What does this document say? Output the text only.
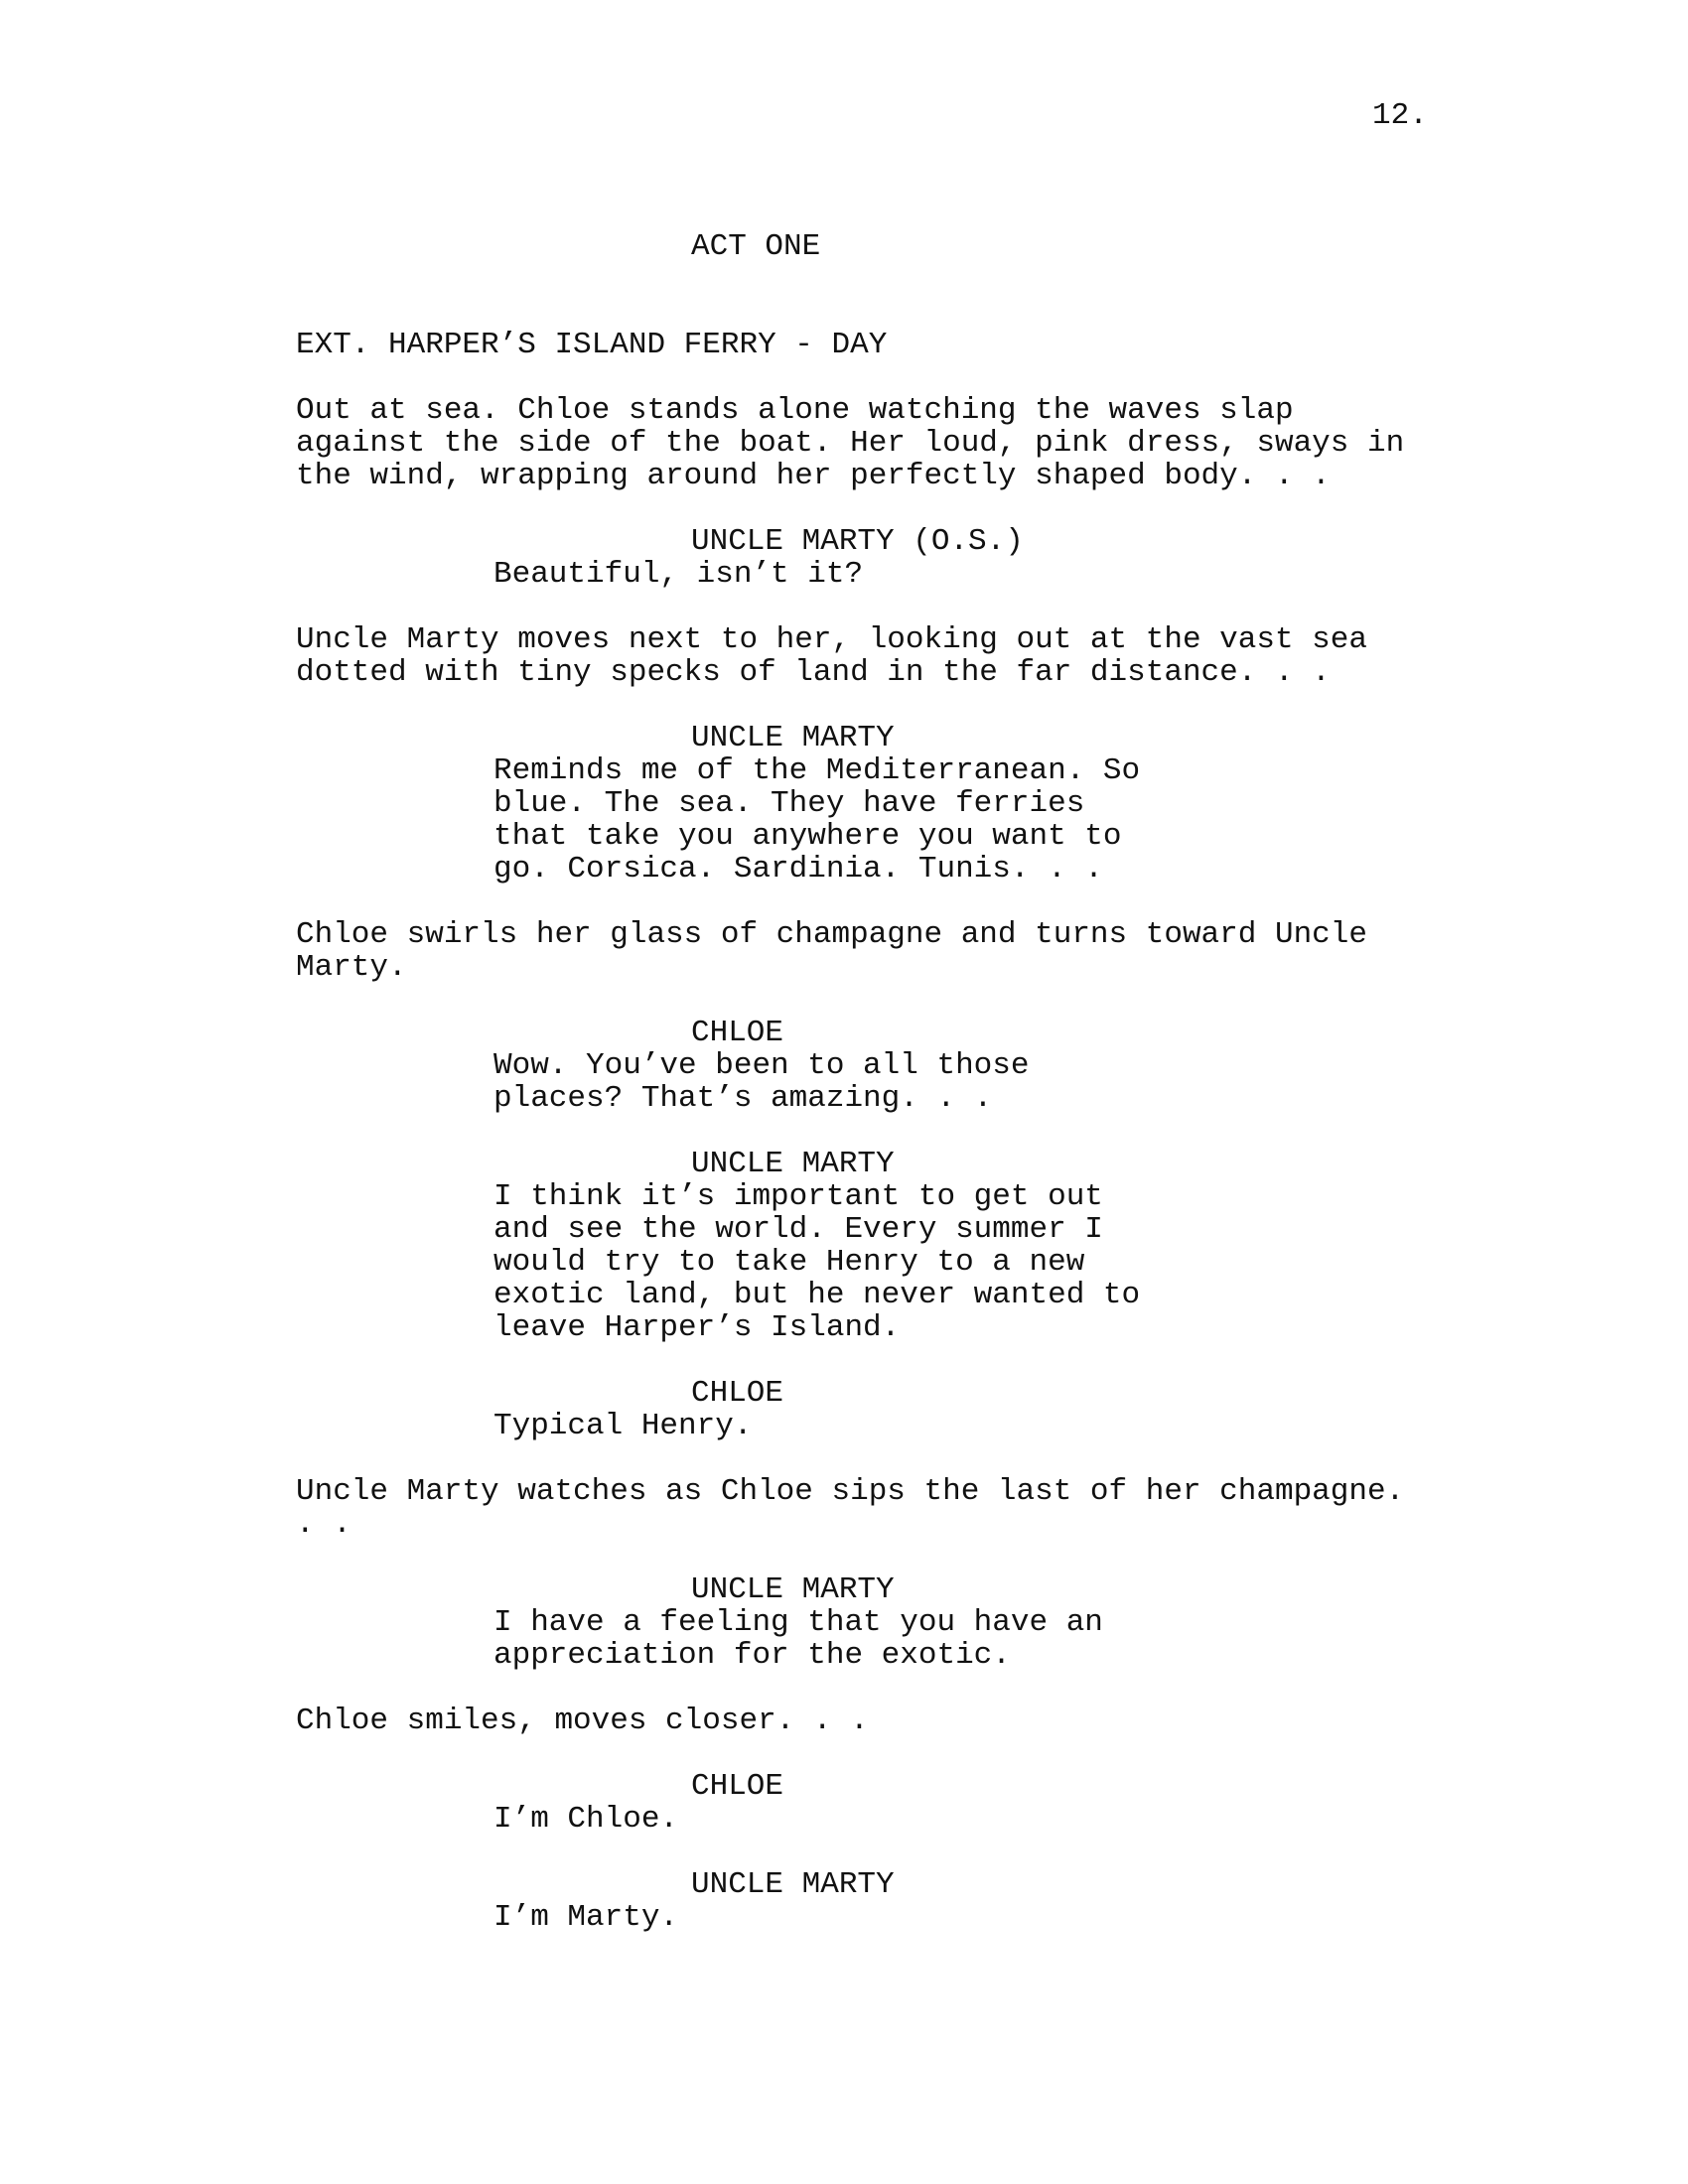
12.
ACT ONE
EXT. HARPER’S ISLAND FERRY - DAY
Out at sea. Chloe stands alone watching the waves slap
against the side of the boat. Her loud, pink dress, sways in
the wind, wrapping around her perfectly shaped body. . .
UNCLE MARTY (O.S.)
Beautiful, isn’t it?
Uncle Marty moves next to her, looking out at the vast sea
dotted with tiny specks of land in the far distance. . .
UNCLE MARTY
Reminds me of the Mediterranean. So
blue. The sea. They have ferries
that take you anywhere you want to
go. Corsica. Sardinia. Tunis. . .
Chloe swirls her glass of champagne and turns toward Uncle
Marty.
CHLOE
Wow. You’ve been to all those
places? That’s amazing. . .
UNCLE MARTY
I think it’s important to get out
and see the world. Every summer I
would try to take Henry to a new
exotic land, but he never wanted to
leave Harper’s Island.
CHLOE
Typical Henry.
Uncle Marty watches as Chloe sips the last of her champagne.
. .
UNCLE MARTY
I have a feeling that you have an
appreciation for the exotic.
Chloe smiles, moves closer. . .
CHLOE
I’m Chloe.
UNCLE MARTY
I’m Marty.
